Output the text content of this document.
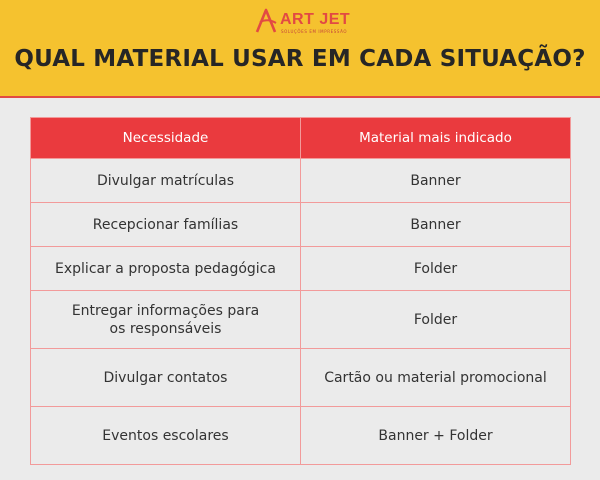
ART JET
SOLUÇÕES EM IMPRESSÃO
QUAL MATERIAL USAR EM CADA SITUAÇÃO?
Necessidade	Material mais indicado
Divulgar matrículas	Banner
Recepcionar famílias	Banner
Explicar a proposta pedagógica	Folder
Entregar informações para os responsáveis	Folder
Divulgar contatos	Cartão ou material promocional
Eventos escolares	Banner + Folder
